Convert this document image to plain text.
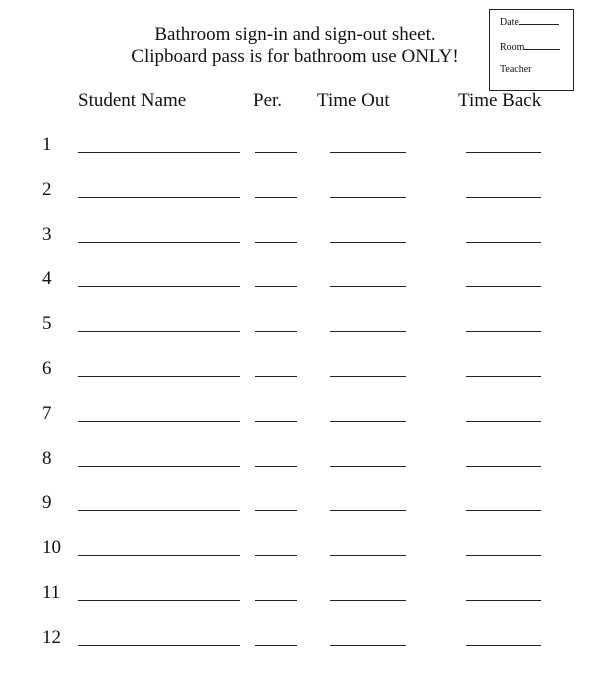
Bathroom sign-in and sign-out sheet.
Clipboard pass is for bathroom use ONLY!
Date
Room
Teacher
Student Name	Per. Time Out	Time Back
1
2
3
4
5
6
7
8
9
10
11
12
